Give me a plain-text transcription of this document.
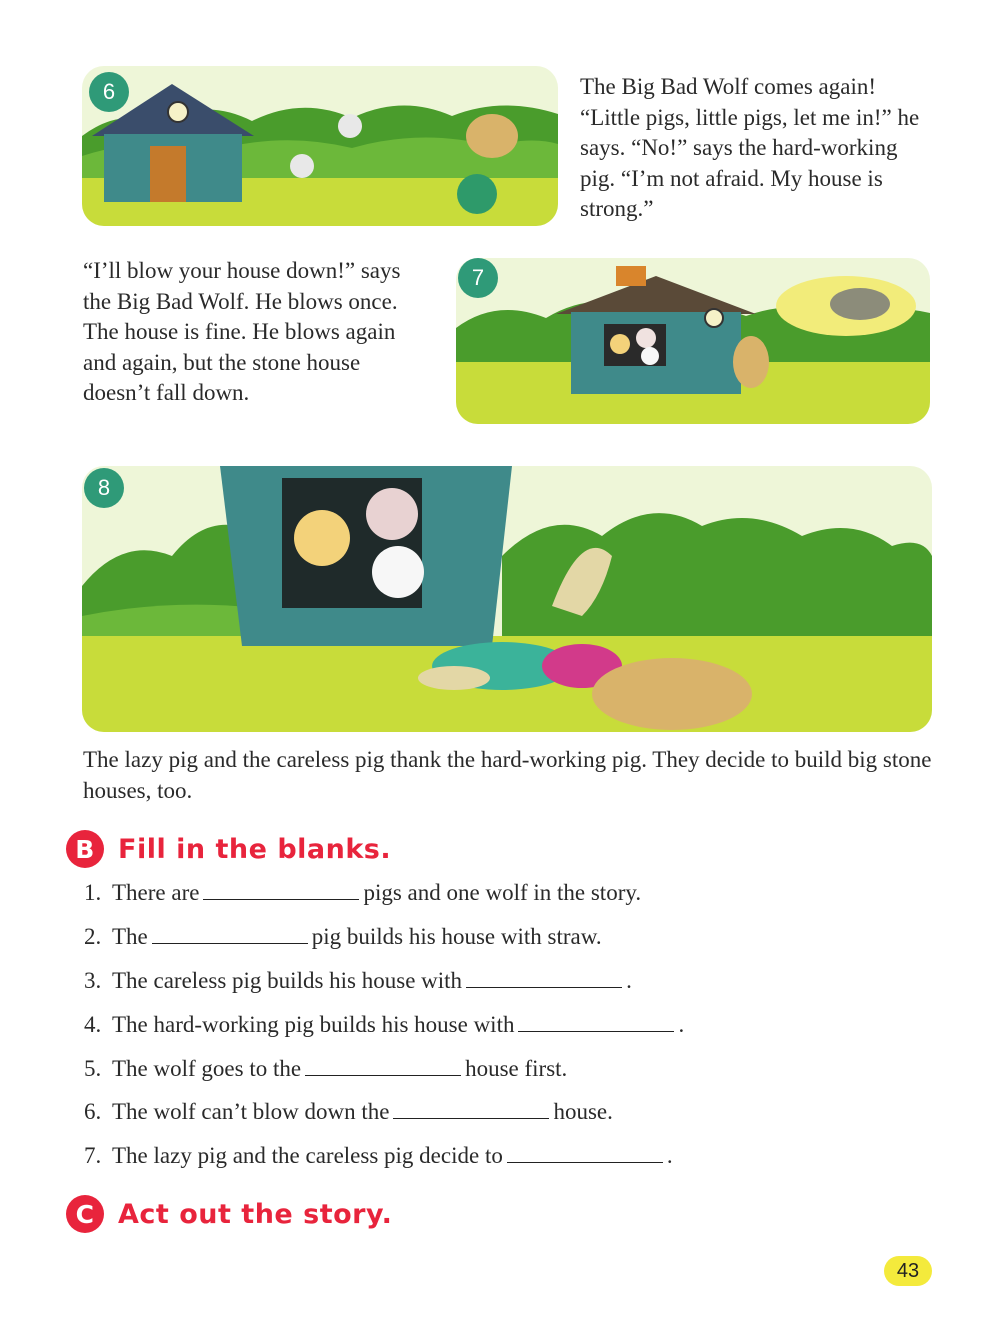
6	The Big Bad Wolf comes again! “Little pigs, little pigs, let me in!” he says. “No!” says the hard-working pig. “I’m not afraid. My house is strong.”
“I’ll blow your house down!” says the Big Bad Wolf. He blows once. The house is fine. He blows again and again, but the stone house doesn’t fall down.
7
8
The lazy pig and the careless pig thank the hard-working pig. They decide to build big stone houses, too.
B Fill in the blanks.
1. There are	pigs and one wolf in the story.
2. The	pig builds his house with straw.
3. The careless pig builds his house with	.
4. The hard-working pig builds his house with	.
5. The wolf goes to the	house first.
6. The wolf can’t blow down the	house.
7. The lazy pig and the careless pig decide to	.
C Act out the story.
43
